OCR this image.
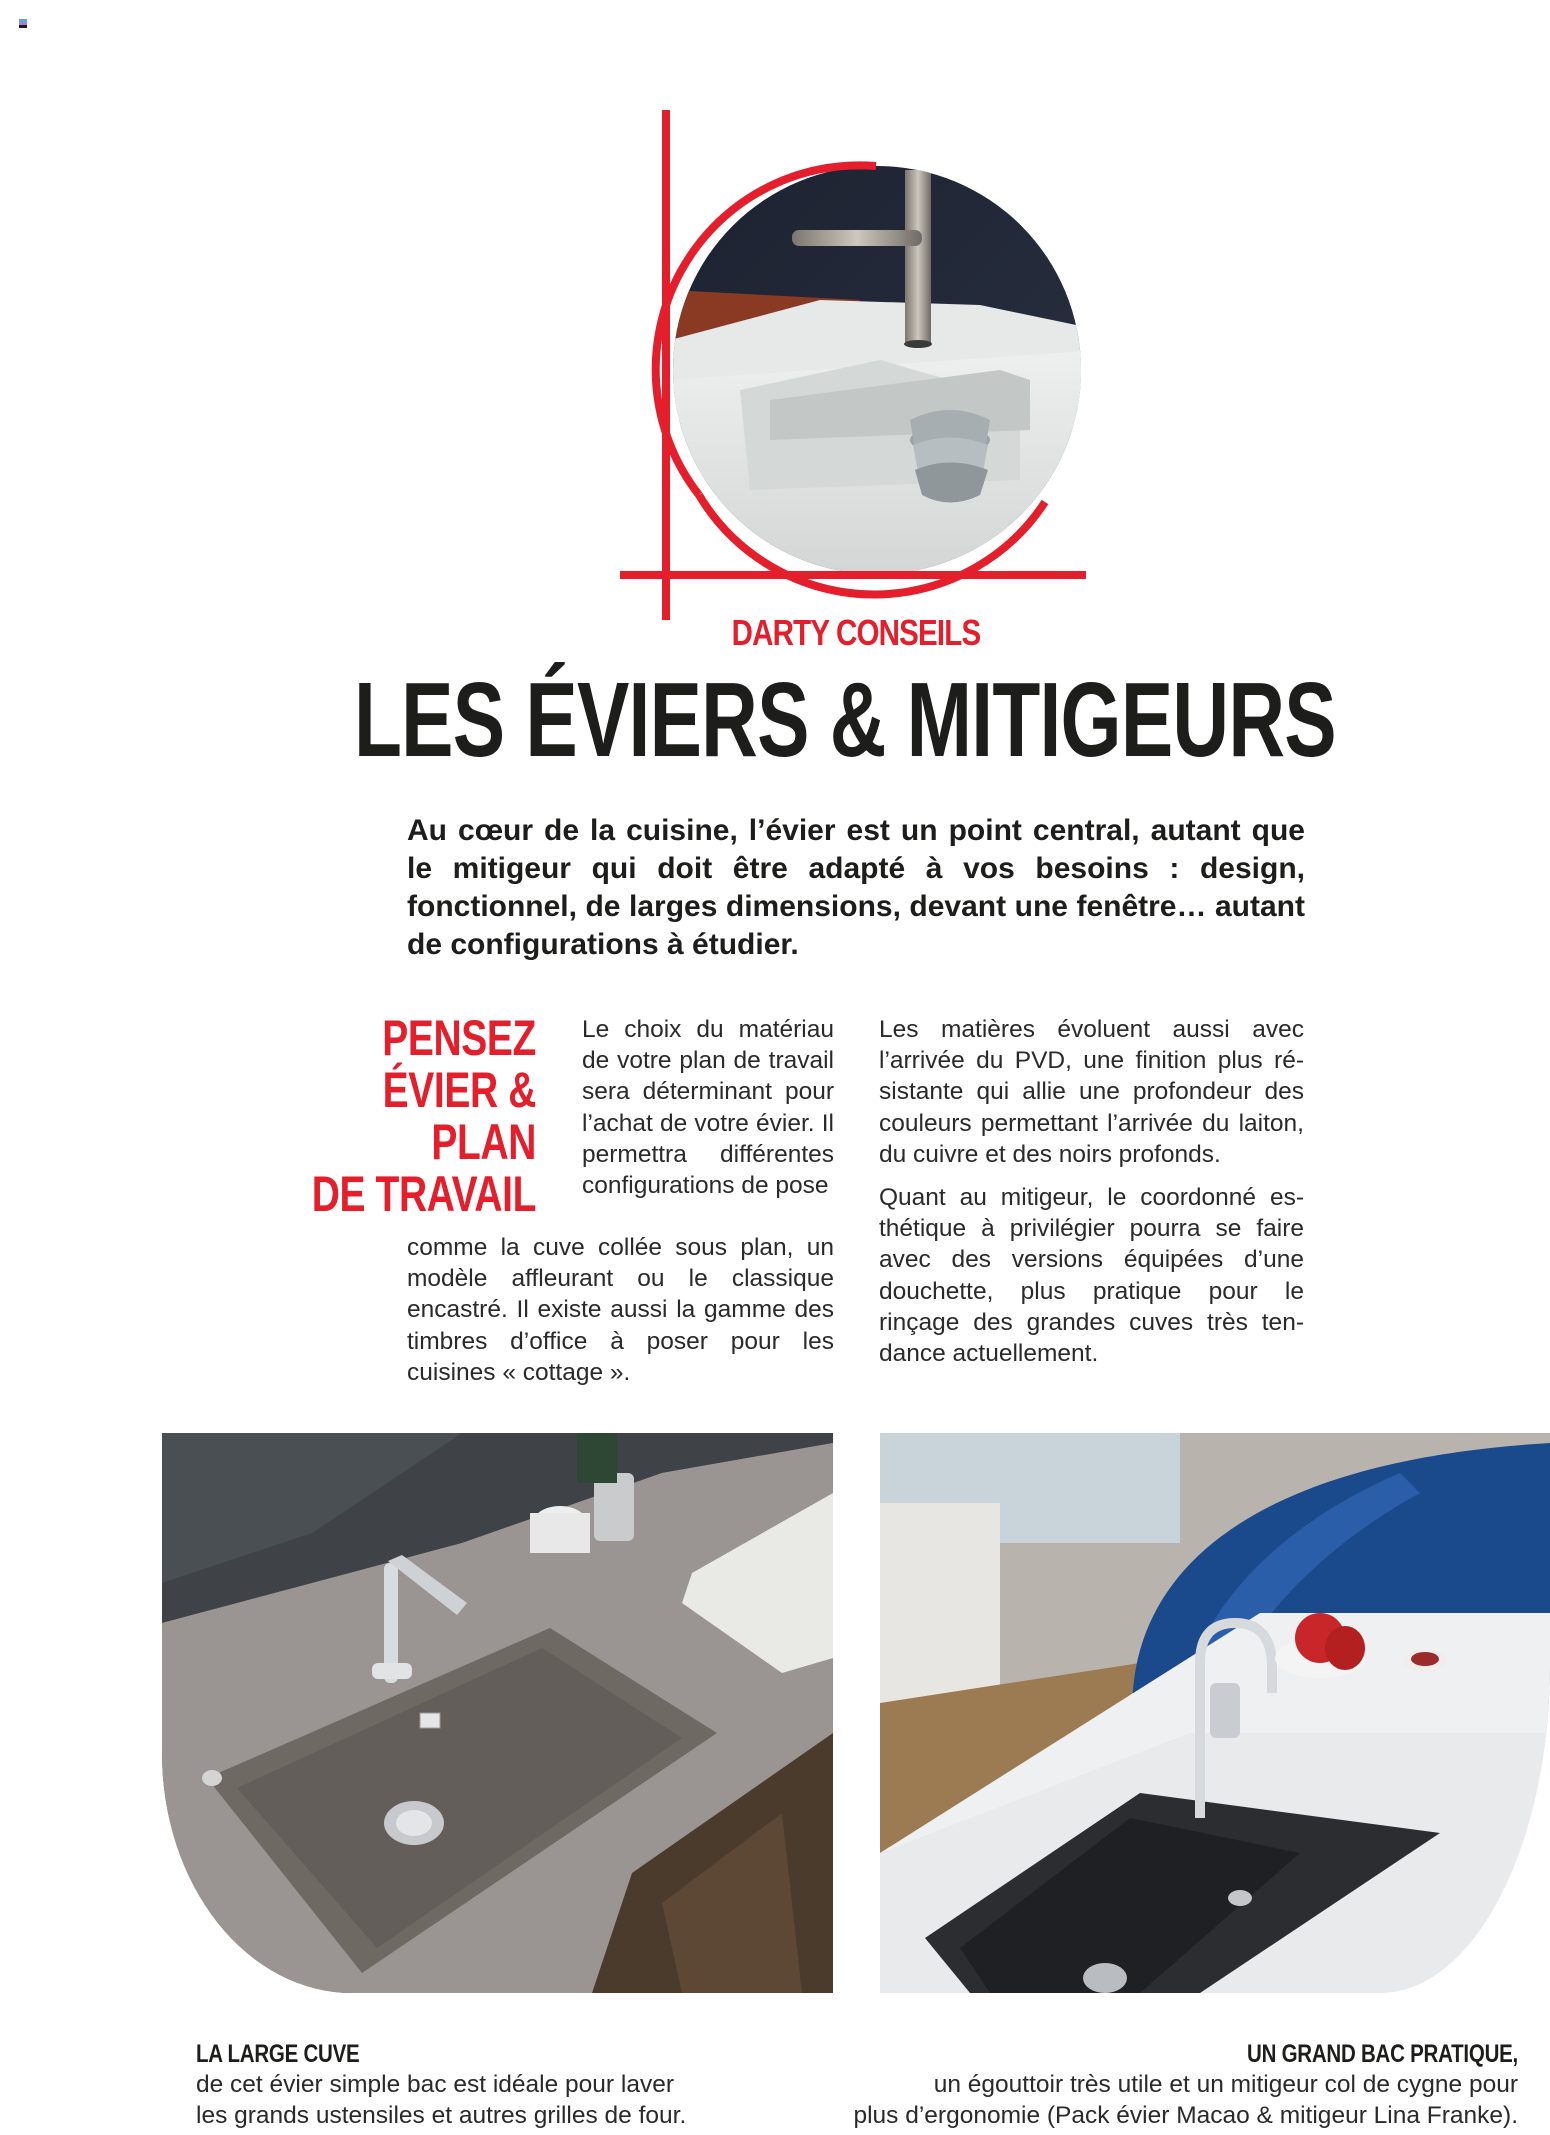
DARTY CONSEILS
LES ÉVIERS & MITIGEURS

Au cœur de la cuisine, l’évier est un point central, autant que le mitigeur qui doit être adapté à vos besoins : design, fonctionnel, de larges dimensions, devant une fenêtre… autant de configurations à étudier.

PENSEZ
ÉVIER & PLAN
DE TRAVAIL

Le choix du matériau de votre plan de travail sera déterminant pour l’achat de votre évier. Il permettra différentes configurations de pose

comme la cuve collée sous plan, un modèle affleurant ou le classique encastré. Il existe aussi la gamme des timbres d’office à poser pour les cuisines « cottage ».

Les matières évoluent aussi avec l’arrivée du PVD, une finition plus résistante qui allie une profondeur des couleurs permettant l’arrivée du laiton, du cuivre et des noirs profonds.

Quant au mitigeur, le coordonné esthétique à privilégier pourra se faire avec des versions équipées d’une douchette, plus pratique pour le rinçage des grandes cuves très tendance actuellement.

LA LARGE CUVE
de cet évier simple bac est idéale pour laver
les grands ustensiles et autres grilles de four.
UN GRAND BAC PRATIQUE,
un égouttoir très utile et un mitigeur col de cygne pour
plus d’ergonomie (Pack évier Macao & mitigeur Lina Franke).
